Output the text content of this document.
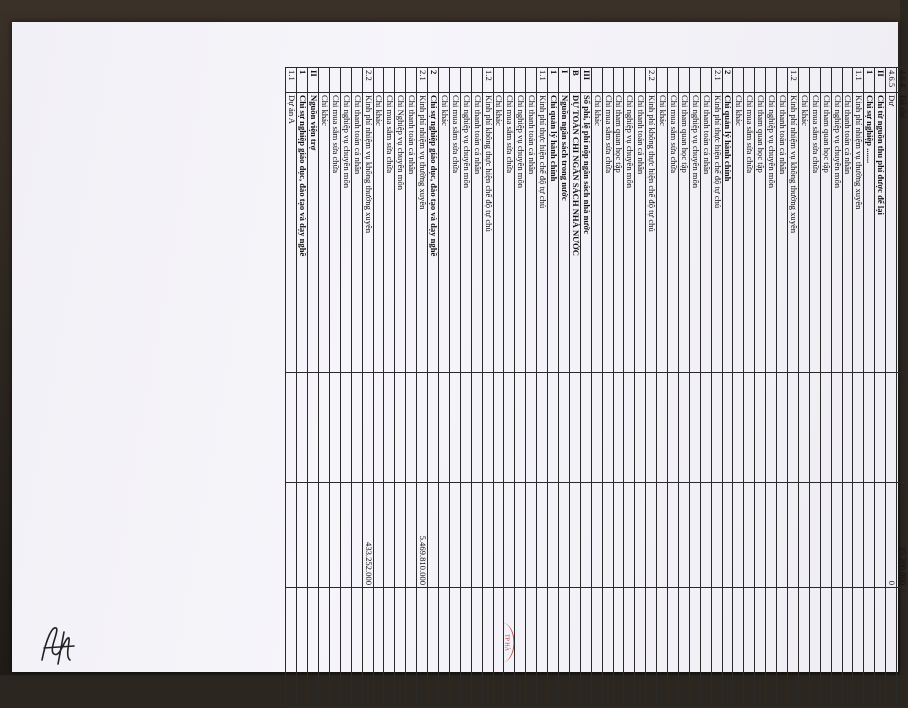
TP HÀ
4.6.4	Đã chi		25.200.000	
4.6.5	Dư		0	
II	Chi từ nguồn thu phí được để lại			
1	Chi sự nghiệp .......			
1.1	Kinh phí nhiệm vụ thường xuyên			
	Chi thanh toán cá nhân			
	Chi nghiệp vụ chuyên môn			
	Chi tham quan học tập			
	Chi mua sắm sửa chữa			
	Chi khác			
1.2	Kinh phí nhiệm vụ không thường xuyên			
	Chi thanh toán cá nhân			
	Chi nghiệp vụ chuyên môn			
	Chi tham quan học tập			
	Chi mua sắm sửa chữa			
	Chi khác			
2	Chi quản lý hành chính			
2.1	Kinh phí thực hiện chế độ tự chủ			
	Chi thanh toán cá nhân			
	Chi nghiệp vụ chuyên môn			
	Chi tham quan học tập			
	Chi mua sắm sửa chữa			
	Chi khác			
2.2	Kinh phí không thực hiện chế độ tự chủ			
	Chi thanh toán cá nhân			
	Chi nghiệp vụ chuyên môn			
	Chi tham quan học tập			
	Chi mua sắm sửa chữa			
	Chi khác			
III	Số phí, lệ phí nộp ngân sách nhà nước			
B	DỰ TOÁN CHI NGÂN SÁCH NHÀ NƯỚC			
I	Nguồn ngân sách trong nước			
1	Chi quản lý hành chính			
1.1	Kinh phí thực hiện chế độ tự chủ			
	Chi thanh toán cá nhân			
	Chi nghiệp vụ chuyên môn			
	Chi mua sắm sửa chữa			
	Chi khác			
1.2	Kinh phí không thực hiện chế độ tự chủ			
	Chi thanh toán cá nhân			
	Chi nghiệp vụ chuyên môn			
	Chi mua sắm sửa chữa			
	Chi khác			
2	Chi sự nghiệp giáo dục, đào tạo và dạy nghề			
2.1	Kinh phí nhiệm vụ thường xuyên		5.469.810.000	
	Chi thanh toán cá nhân			
	Chi Nghiệp vụ chuyên môn			
	Chi mua sắm sửa chữa			
	Chi khác			
2.2	Kinh phí nhiệm vụ không thường xuyên		433.252.000	
	Chi thanh toán cá nhân			
	Chi nghiệp vụ chuyên môn			
	Chi mua sắm sửa chữa			
	Chi khác			
II	Nguồn viện trợ			
1	Chi sự nghiệp giáo dục, đào tạo và dạy nghề			
1.1	Dự án A			
